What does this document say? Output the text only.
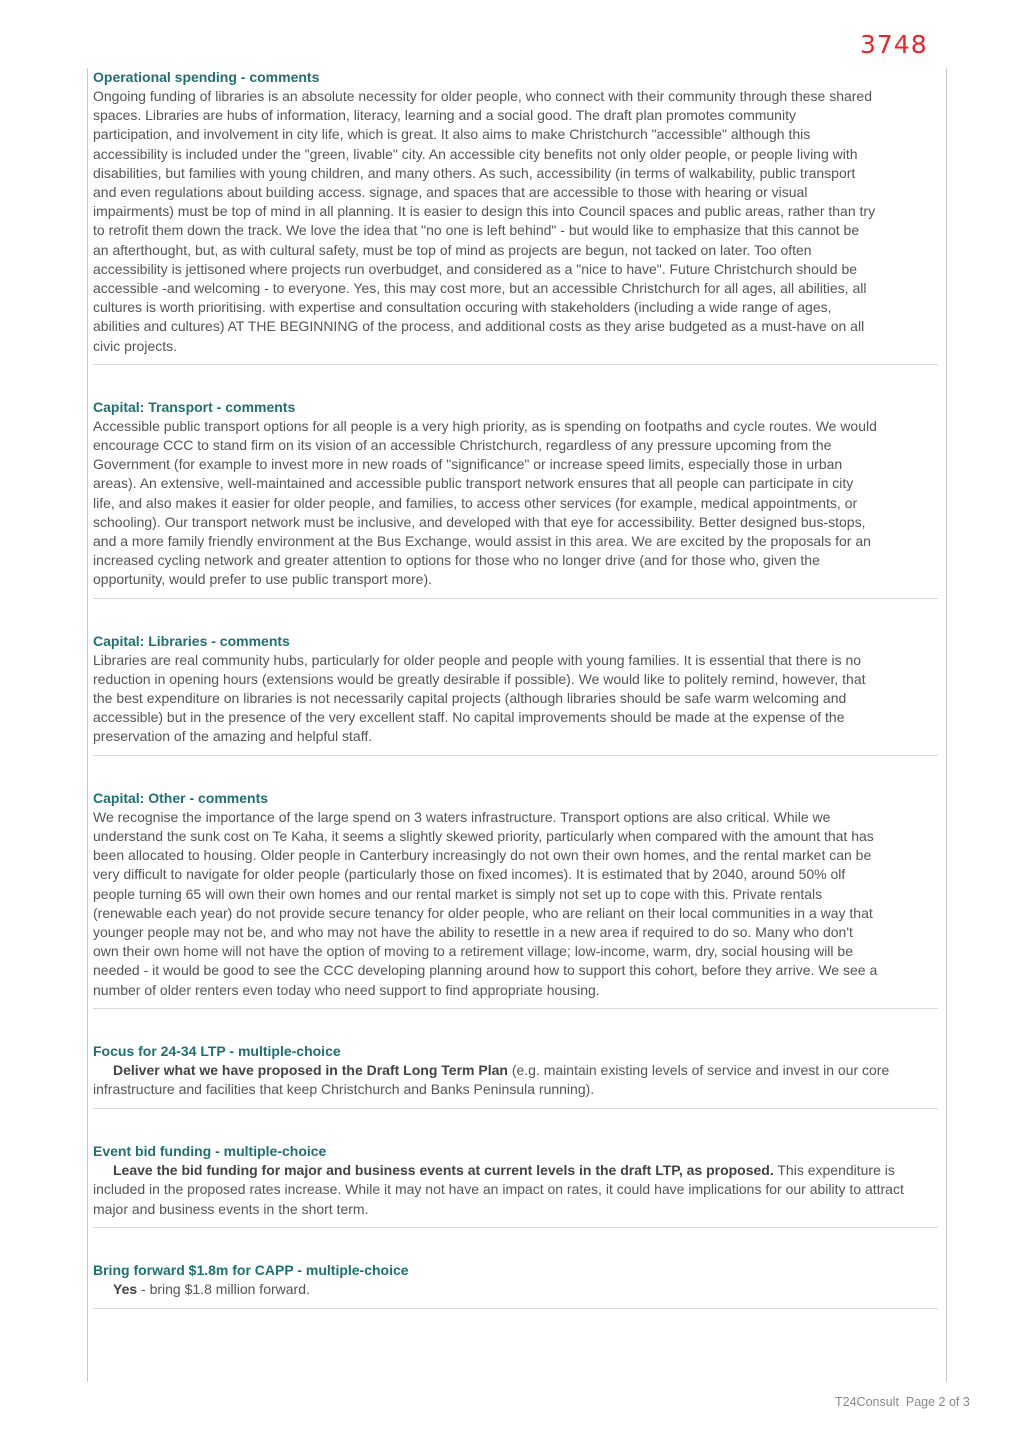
3748
Operational spending - comments
Ongoing funding of libraries is an absolute necessity for older people, who connect with their community through these shared spaces. Libraries are hubs of information, literacy, learning and a social good. The draft plan promotes community participation, and involvement in city life, which is great. It also aims to make Christchurch "accessible" although this accessibility is included under the "green, livable" city. An accessible city benefits not only older people, or people living with disabilities, but families with young children, and many others. As such, accessibility (in terms of walkability, public transport and even regulations about building access. signage, and spaces that are accessible to those with hearing or visual impairments) must be top of mind in all planning. It is easier to design this into Council spaces and public areas, rather than try to retrofit them down the track. We love the idea that "no one is left behind" - but would like to emphasize that this cannot be an afterthought, but, as with cultural safety, must be top of mind as projects are begun, not tacked on later. Too often accessibility is jettisoned where projects run overbudget, and considered as a "nice to have". Future Christchurch should be accessible -and welcoming - to everyone. Yes, this may cost more, but an accessible Christchurch for all ages, all abilities, all cultures is worth prioritising. with expertise and consultation occuring with stakeholders (including a wide range of ages, abilities and cultures) AT THE BEGINNING of the process, and additional costs as they arise budgeted as a must-have on all civic projects.
Capital: Transport - comments
Accessible public transport options for all people is a very high priority, as is spending on footpaths and cycle routes. We would encourage CCC to stand firm on its vision of an accessible Christchurch, regardless of any pressure upcoming from the Government (for example to invest more in new roads of "significance" or increase speed limits, especially those in urban areas). An extensive, well-maintained and accessible public transport network ensures that all people can participate in city life, and also makes it easier for older people, and families, to access other services (for example, medical appointments, or schooling). Our transport network must be inclusive, and developed with that eye for accessibility. Better designed bus-stops, and a more family friendly environment at the Bus Exchange, would assist in this area. We are excited by the proposals for an increased cycling network and greater attention to options for those who no longer drive (and for those who, given the opportunity, would prefer to use public transport more).
Capital: Libraries - comments
Libraries are real community hubs, particularly for older people and people with young families. It is essential that there is no reduction in opening hours (extensions would be greatly desirable if possible). We would like to politely remind, however, that the best expenditure on libraries is not necessarily capital projects (although libraries should be safe warm welcoming and accessible) but in the presence of the very excellent staff. No capital improvements should be made at the expense of the preservation of the amazing and helpful staff.
Capital: Other - comments
We recognise the importance of the large spend on 3 waters infrastructure. Transport options are also critical. While we understand the sunk cost on Te Kaha, it seems a slightly skewed priority, particularly when compared with the amount that has been allocated to housing. Older people in Canterbury increasingly do not own their own homes, and the rental market can be very difficult to navigate for older people (particularly those on fixed incomes). It is estimated that by 2040, around 50% olf people turning 65 will own their own homes and our rental market is simply not set up to cope with this. Private rentals (renewable each year) do not provide secure tenancy for older people, who are reliant on their local communities in a way that younger people may not be, and who may not have the ability to resettle in a new area if required to do so. Many who don't own their own home will not have the option of moving to a retirement village; low-income, warm, dry, social housing will be needed - it would be good to see the CCC developing planning around how to support this cohort, before they arrive. We see a number of older renters even today who need support to find appropriate housing.
Focus for 24-34 LTP - multiple-choice
Deliver what we have proposed in the Draft Long Term Plan (e.g. maintain existing levels of service and invest in our core infrastructure and facilities that keep Christchurch and Banks Peninsula running).
Event bid funding - multiple-choice
Leave the bid funding for major and business events at current levels in the draft LTP, as proposed. This expenditure is included in the proposed rates increase. While it may not have an impact on rates, it could have implications for our ability to attract major and business events in the short term.
Bring forward $1.8m for CAPP - multiple-choice
Yes - bring $1.8 million forward.
T24Consult Page 2 of 3
